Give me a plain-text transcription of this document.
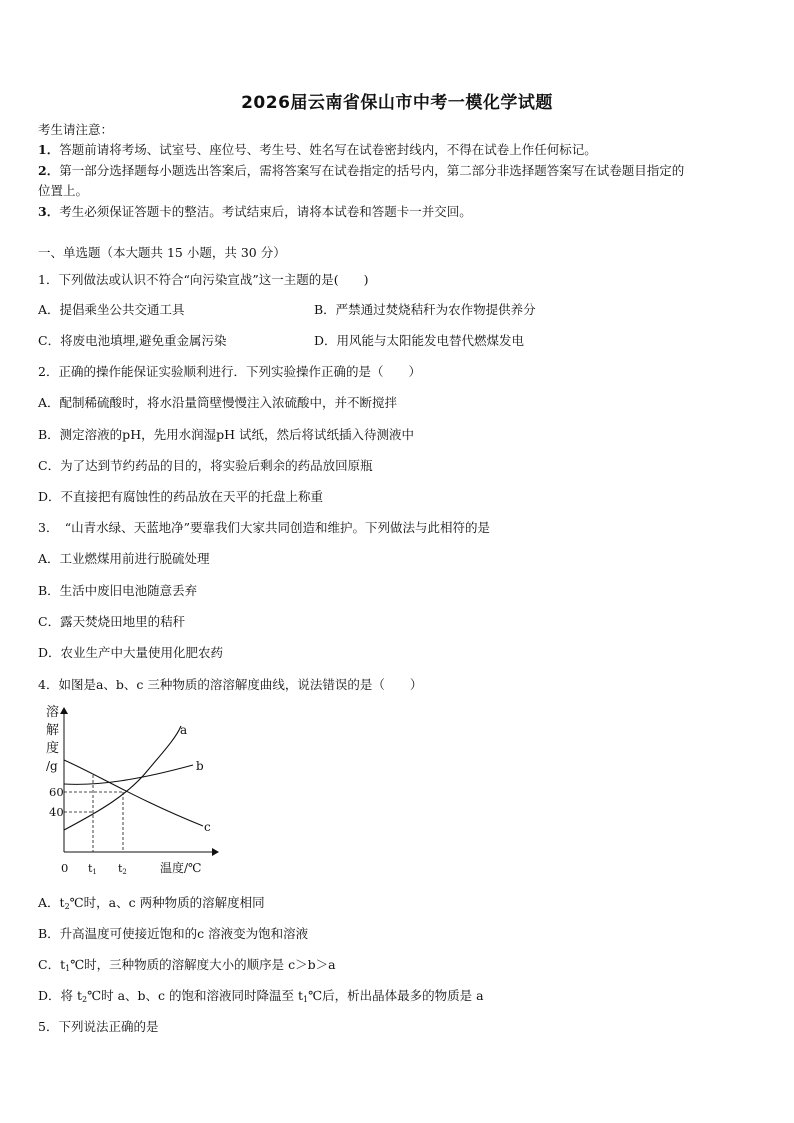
2026届云南省保山市中考一模化学试题
考生请注意：
1．答题前请将考场、试室号、座位号、考生号、姓名写在试卷密封线内，不得在试卷上作任何标记。
2．第一部分选择题每小题选出答案后，需将答案写在试卷指定的括号内，第二部分非选择题答案写在试卷题目指定的
位置上。
3．考生必须保证答题卡的整洁。考试结束后，请将本试卷和答题卡一并交回。
一、单选题（本大题共 15 小题，共 30 分）
1．下列做法或认识不符合“向污染宣战”这一主题的是(　　)
A．提倡乘坐公共交通工具	B．严禁通过焚烧秸秆为农作物提供养分
C．将废电池填埋,避免重金属污染	D．用风能与太阳能发电替代燃煤发电
2．正确的操作能保证实验顺利进行．下列实验操作正确的是（　　）
A．配制稀硫酸时，将水沿量筒壁慢慢注入浓硫酸中，并不断搅拌
B．测定溶液的pH，先用水润湿pH 试纸，然后将试纸插入待测液中
C．为了达到节约药品的目的，将实验后剩余的药品放回原瓶
D．不直接把有腐蚀性的药品放在天平的托盘上称重
3．　“山青水绿、天蓝地净”要靠我们大家共同创造和维护。下列做法与此相符的是
A．工业燃煤用前进行脱硫处理
B．生活中废旧电池随意丢弃
C．露天焚烧田地里的秸秆
D．农业生产中大量使用化肥农药
4．如图是a、b、c 三种物质的溶溶解度曲线，说法错误的是（　　）
溶
解
度
/g
60
40
0 t1 t2	温度/℃
a
b
c
A．$t_2℃$时，a、c 两种物质的溶解度相同
B．升高温度可使接近饱和的c 溶液变为饱和溶液
C．$t_1℃$时，三种物质的溶解度大小的顺序是 c＞b＞a
D．将 $t_2℃$时 a、b、c 的饱和溶液同时降温至 $t_1℃$后，析出晶体最多的物质是 a
5．下列说法正确的是
